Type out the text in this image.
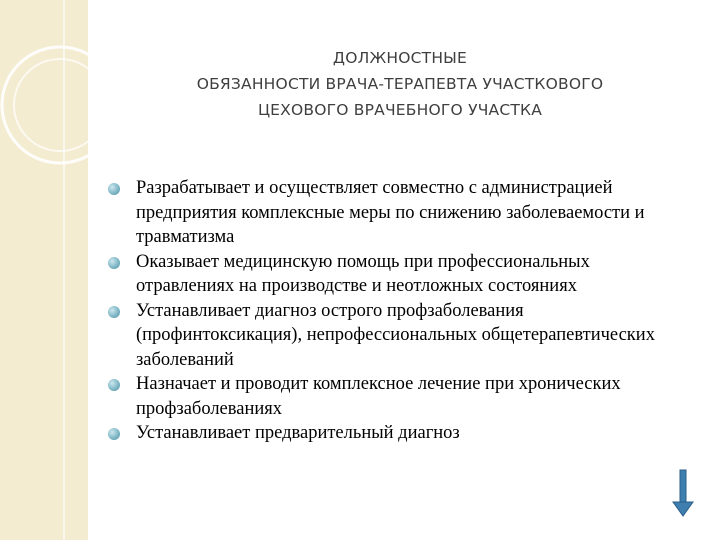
ДОЛЖНОСТНЫЕ
ОБЯЗАННОСТИ ВРАЧА-ТЕРАПЕВТА УЧАСТКОВОГО
ЦЕХОВОГО ВРАЧЕБНОГО УЧАСТКА
Разрабатывает и осуществляет совместно с администрацией предприятия комплексные меры по снижению заболеваемости и травматизма
Оказывает медицинскую помощь при профессиональных отравлениях на производстве и неотложных состояниях
Устанавливает диагноз острого профзаболевания (профинтоксикация), непрофессиональных общетерапевтических заболеваний
Назначает и проводит комплексное лечение при хронических профзаболеваниях
Устанавливает предварительный диагноз
